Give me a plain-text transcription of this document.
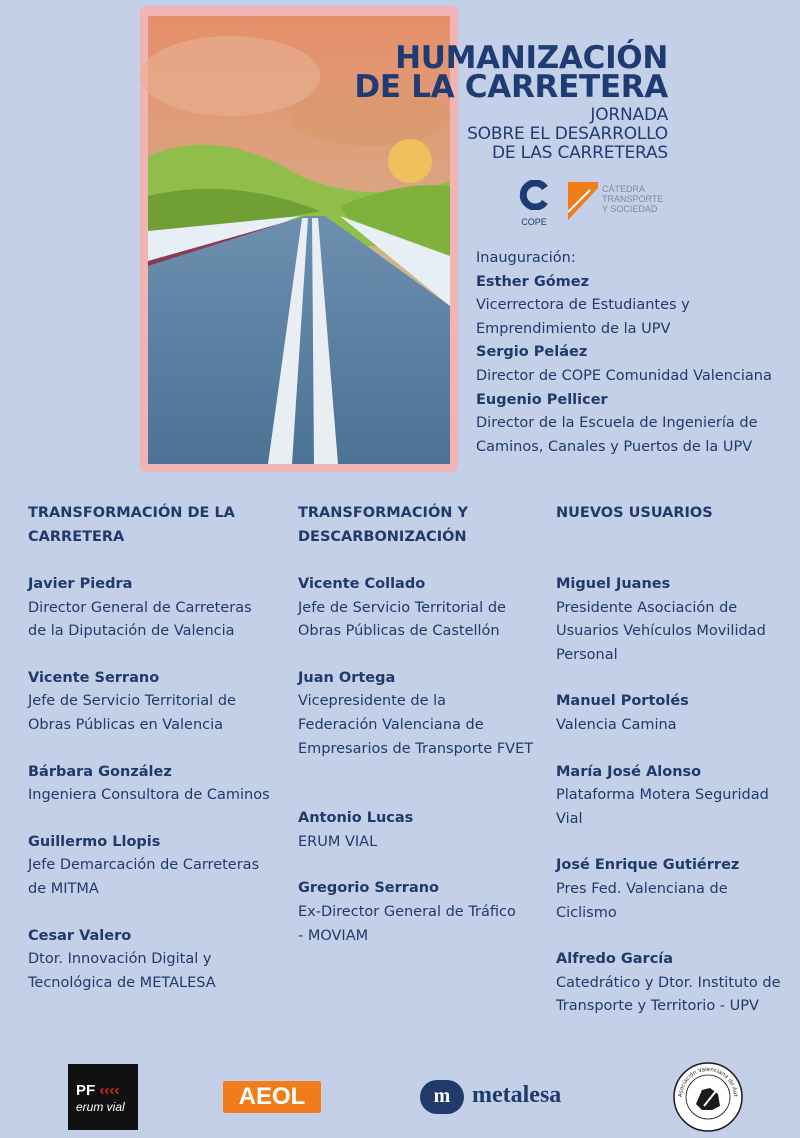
HUMANIZACIÓN
DE LA CARRETERA
JORNADA
SOBRE EL DESARROLLO
DE LAS CARRETERAS
COPE
CÁTEDRA
TRANSPORTE
Y SOCIEDAD
Inauguración:
Esther Gómez
Vicerrectora de Estudiantes y
Emprendimiento de la UPV
Sergio Peláez
Director de COPE Comunidad Valenciana
Eugenio Pellicer
Director de la Escuela de Ingeniería de
Caminos, Canales y Puertos de la UPV
TRANSFORMACIÓN DE LA
CARRETERA
Javier Piedra
Director General de Carreteras
de la Diputación de Valencia
Vicente Serrano
Jefe de Servicio Territorial de
Obras Públicas en Valencia
Bárbara González
Ingeniera Consultora de Caminos
Guillermo Llopis
Jefe Demarcación de Carreteras
de MITMA
Cesar Valero
Dtor. Innovación Digital y
Tecnológica de METALESA
TRANSFORMACIÓN Y
DESCARBONIZACIÓN
Vicente Collado
Jefe de Servicio Territorial de
Obras Públicas de Castellón
Juan Ortega
Vicepresidente de la
Federación Valenciana de
Empresarios de Transporte FVET
Antonio Lucas
ERUM VIAL
Gregorio Serrano
Ex-Director General de Tráfico
- MOVIAM
NUEVOS USUARIOS
Miguel Juanes
Presidente Asociación de
Usuarios Vehículos Movilidad
Personal
Manuel Portolés
Valencia Camina
María José Alonso
Plataforma Motera Seguridad
Vial
José Enrique Gutiérrez
Pres Fed. Valenciana de
Ciclismo
Alfredo García
Catedrático y Dtor. Instituto de
Transporte y Territorio - UPV
PF ‹‹‹‹
erum vial	AEOL	m metalesa	Asociación Valenciana de Aut
